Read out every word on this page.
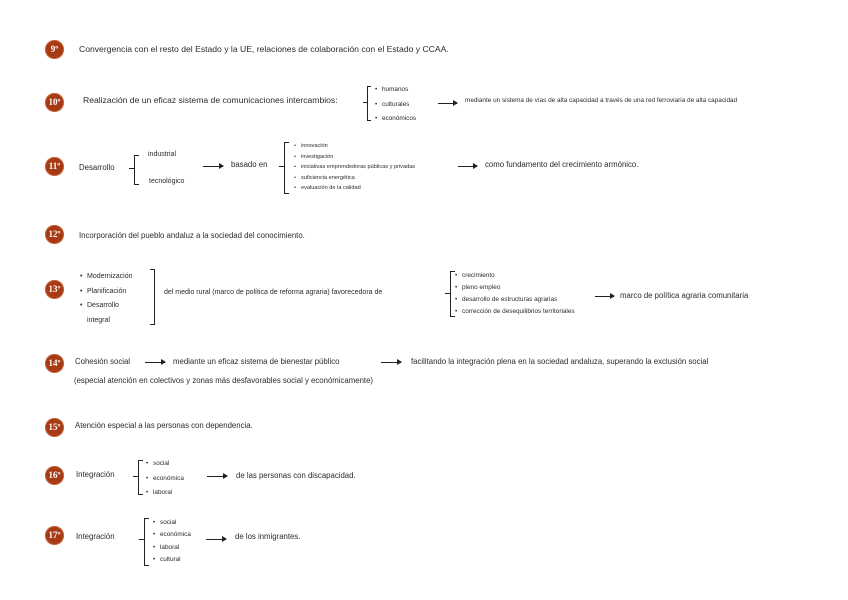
9º	Convergencia con el resto del Estado y la UE, relaciones de colaboración con el Estado y CCAA.
10º	Realización de un eficaz sistema de comunicaciones intercambios:
• humanos
• culturales
• económicos
mediante un sistema de vías de alta capacidad a través de una red ferroviaria de alta capacidad
11º	Desarrollo
industrial
tecnológico
basado en
• innovación
• investigación
• iniciativas emprendedoras públicas y privadas
• suficiencia energética
• evaluación de la calidad
como fundamento del crecimiento armónico.
12º	Incorporación del pueblo andaluz a la sociedad del conocimiento.
13º
• Modernización
• Planificación
• Desarrollo integral
del medio rural (marco de política de reforma agraria) favorecedora de
• crecimiento
• pleno empleo
• desarrollo de estructuras agrarias
• corrección de desequilibrios territoriales
marco de política agraria comunitaria
14º	Cohesión social	mediante un eficaz sistema de bienestar público	facilitando la integración plena en la sociedad andaluza, superando la exclusión social
(especial atención en colectivos y zonas más desfavorables social y económicamente)
15º	Atención especial a las personas con dependencia.
16º	Integración
• social
• económica
• laboral
de las personas con discapacidad.
17º	Integración
• social
• económica
• laboral
• cultural
de los inmigrantes.
